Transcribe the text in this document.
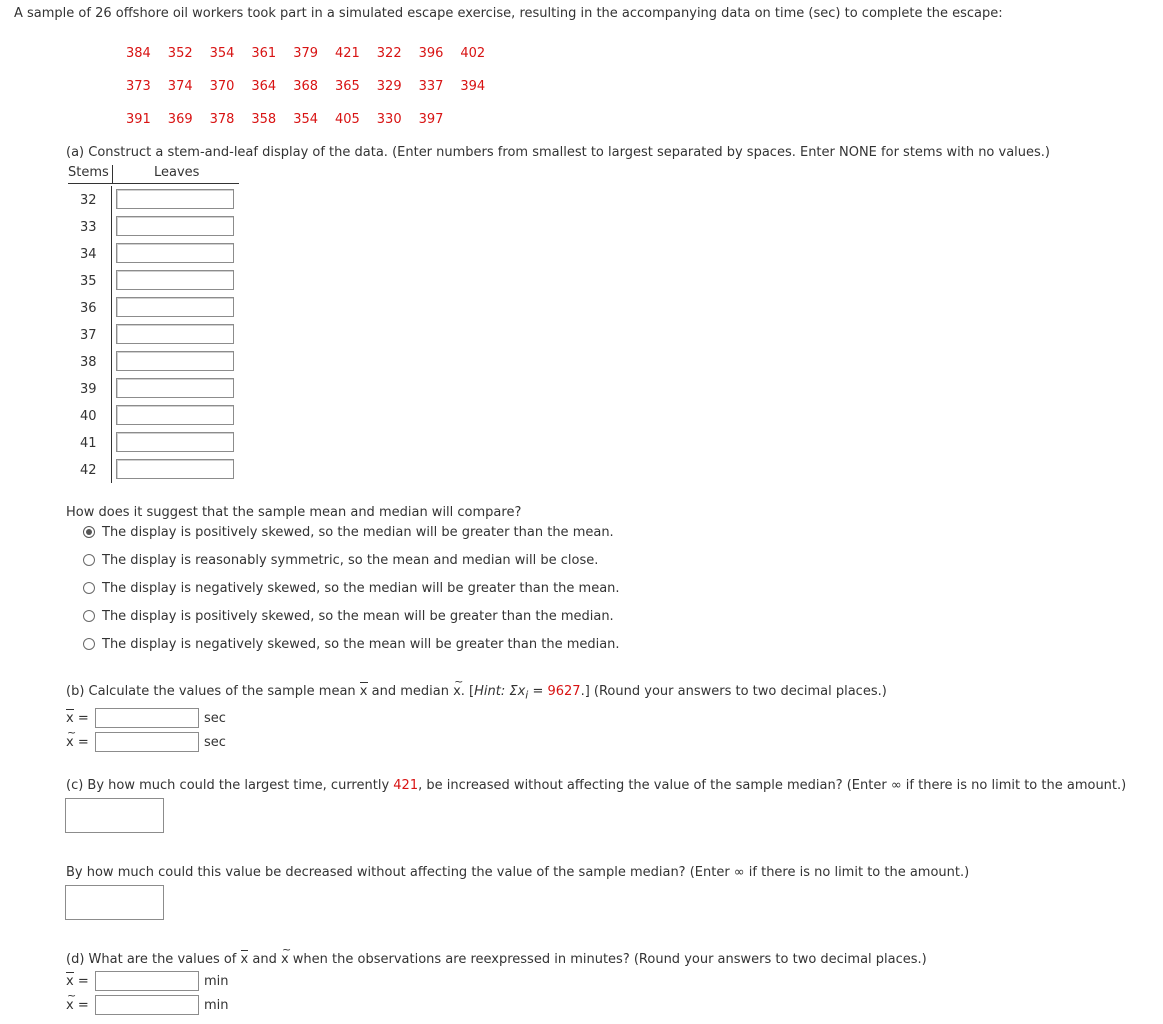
A sample of 26 offshore oil workers took part in a simulated escape exercise, resulting in the accompanying data on time (sec) to complete the escape:
384 352 354 361 379 421 322 396 402
373 374 370 364 368 365 329 337 394
391 369 378 358 354 405 330 397
(a) Construct a stem-and-leaf display of the data. (Enter numbers from smallest to largest separated by spaces. Enter NONE for stems with no values.)
Stems	Leaves
32
33
34
35
36
37
38
39
40
41
42
How does it suggest that the sample mean and median will compare?
The display is positively skewed, so the median will be greater than the mean.
The display is reasonably symmetric, so the mean and median will be close.
The display is negatively skewed, so the median will be greater than the mean.
The display is positively skewed, so the mean will be greater than the median.
The display is negatively skewed, so the mean will be greater than the median.
(b) Calculate the values of the sample mean x and median ~ x. [Hint: $\Sigma x_i = 9627$.] (Round your answers to two decimal places.)
x =	sec
~ x =	sec
(c) By how much could the largest time, currently 421, be increased without affecting the value of the sample median? (Enter ∞ if there is no limit to the amount.)
By how much could this value be decreased without affecting the value of the sample median? (Enter ∞ if there is no limit to the amount.)
(d) What are the values of x and ~ x when the observations are reexpressed in minutes? (Round your answers to two decimal places.)
x =	min
~ x =	min
